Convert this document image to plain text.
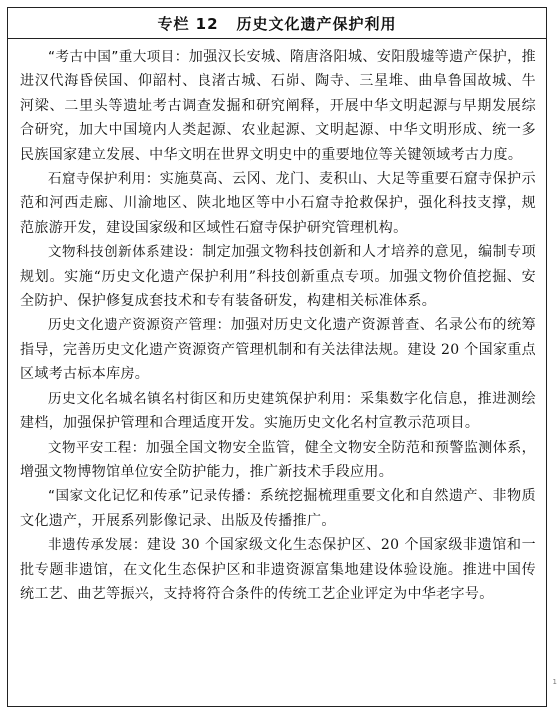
专栏 12 历史文化遗产保护利用

“考古中国”重大项目：加强汉长安城、隋唐洛阳城、安阳殷墟等遗产保护，推进汉代海昏侯国、仰韶村、良渚古城、石峁、陶寺、三星堆、曲阜鲁国故城、牛河梁、二里头等遗址考古调查发掘和研究阐释，开展中华文明起源与早期发展综合研究，加大中国境内人类起源、农业起源、文明起源、中华文明形成、统一多民族国家建立发展、中华文明在世界文明史中的重要地位等关键领域考古力度。

石窟寺保护利用：实施莫高、云冈、龙门、麦积山、大足等重要石窟寺保护示范和河西走廊、川渝地区、陕北地区等中小石窟寺抢救保护，强化科技支撑，规范旅游开发，建设国家级和区域性石窟寺保护研究管理机构。

文物科技创新体系建设：制定加强文物科技创新和人才培养的意见，编制专项规划。实施“历史文化遗产保护利用”科技创新重点专项。加强文物价值挖掘、安全防护、保护修复成套技术和专有装备研发，构建相关标准体系。

历史文化遗产资源资产管理：加强对历史文化遗产资源普查、名录公布的统筹指导，完善历史文化遗产资源资产管理机制和有关法律法规。建设 20 个国家重点区域考古标本库房。

历史文化名城名镇名村街区和历史建筑保护利用：采集数字化信息，推进测绘建档，加强保护管理和合理适度开发。实施历史文化名村宣教示范项目。

文物平安工程：加强全国文物安全监管，健全文物安全防范和预警监测体系，增强文物博物馆单位安全防护能力，推广新技术手段应用。

“国家文化记忆和传承”记录传播：系统挖掘梳理重要文化和自然遗产、非物质文化遗产，开展系列影像记录、出版及传播推广。

非遗传承发展：建设 30 个国家级文化生态保护区、20 个国家级非遗馆和一批专题非遗馆，在文化生态保护区和非遗资源富集地建设体验设施。推进中国传统工艺、曲艺等振兴，支持将符合条件的传统工艺企业评定为中华老字号。

1
